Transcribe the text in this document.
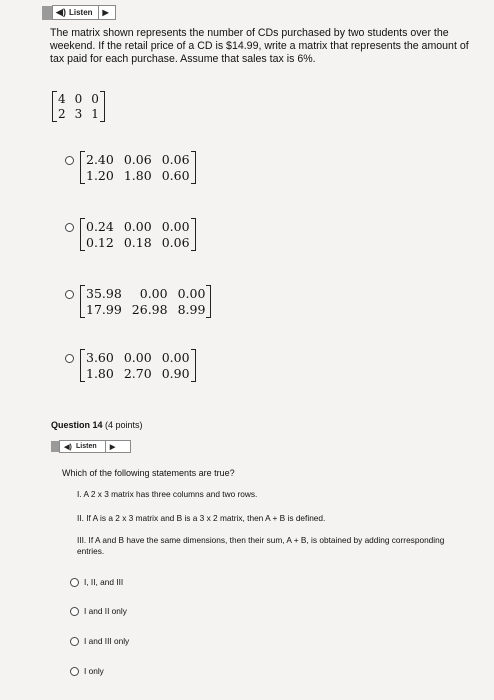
◀) Listen	▶
The matrix shown represents the number of CDs purchased by two students over the weekend. If the retail price of a CD is $14.99, write a matrix that represents the amount of tax paid for each purchase. Assume that sales tax is 6%.
4 0 0
2 3 1
2.40 0.06 0.06
1.20 1.80 0.60
0.24 0.00 0.00
0.12 0.18 0.06
35.98	0.00 0.00
17.99 26.98 8.99
3.60 0.00 0.00
1.80 2.70 0.90
Question 14 (4 points)
◀) Listen	▶
Which of the following statements are true?
I. A 2 x 3 matrix has three columns and two rows.
II. If A is a 2 x 3 matrix and B is a 3 x 2 matrix, then A + B is defined.
III. If A and B have the same dimensions, then their sum, A + B, is obtained by adding corresponding entries.
I, II, and III
I and II only
I and III only
I only
